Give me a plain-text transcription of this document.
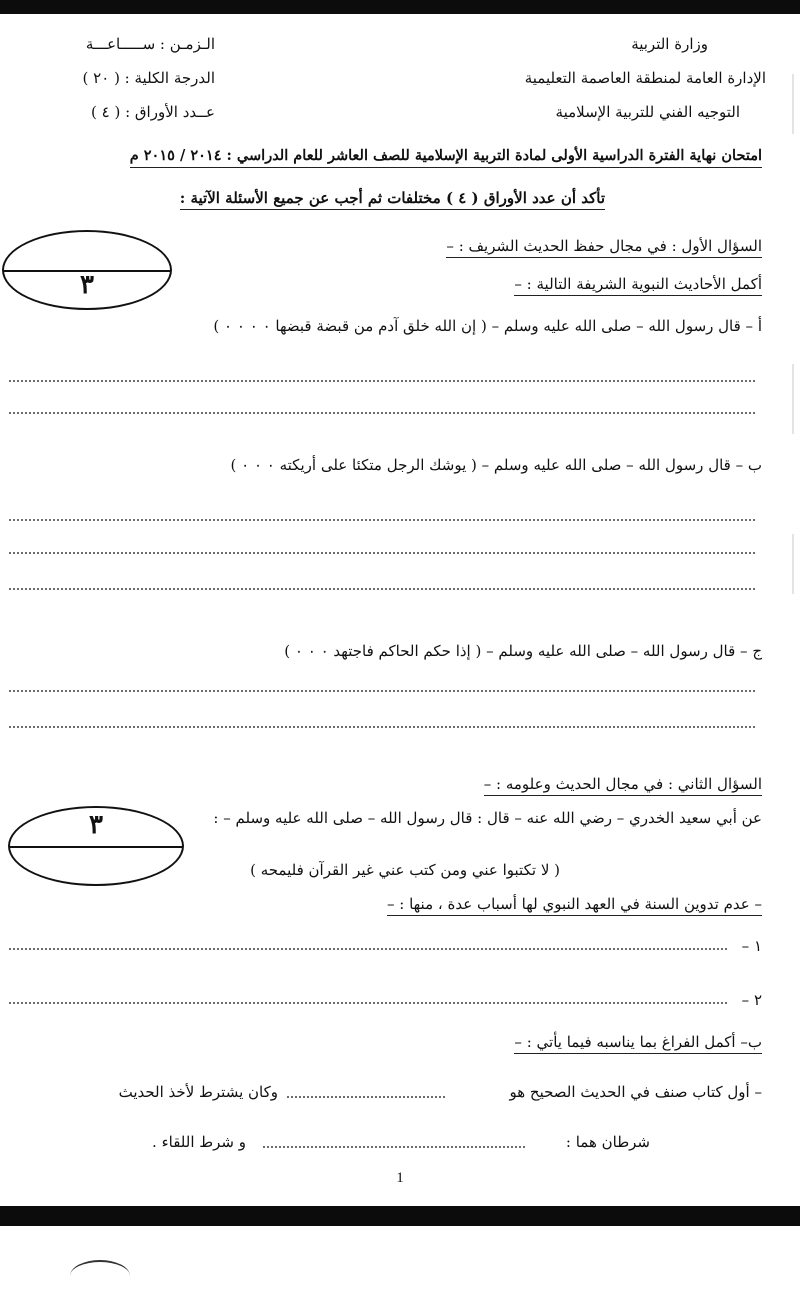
وزارة التربية
الإدارة العامة لمنطقة العاصمة التعليمية
التوجيه الفني للتربية الإسلامية
الـزمـن : ســـــاعـــة
الدرجة الكلية : ( ٢٠ )
عــدد الأوراق : ( ٤ )
امتحان نهاية الفترة الدراسية الأولى لمادة التربية الإسلامية للصف العاشر للعام الدراسي : ٢٠١٤ / ٢٠١٥ م
تأكد أن عدد الأوراق ( ٤ ) مختلفات ثم أجب عن جميع الأسئلة الآتية :
٣
السؤال الأول : في مجال حفظ الحديث الشريف : –
أكمل الأحاديث النبوية الشريفة التالية : –
أ – قال رسول الله – صلى الله عليه وسلم – ( إن الله خلق آدم من قبضة قبضها ٠ ٠ ٠ ٠ )
ب – قال رسول الله – صلى الله عليه وسلم – ( يوشك الرجل متكئا على أريكته ٠ ٠ ٠ )
ج – قال رسول الله – صلى الله عليه وسلم – ( إذا حكم الحاكم فاجتهد ٠ ٠ ٠ )
٣
السؤال الثاني : في مجال الحديث وعلومه : –
عن أبي سعيد الخدري – رضي الله عنه – قال : قال رسول الله – صلى الله عليه وسلم – :
( لا تكتبوا عني ومن كتب عني غير القرآن فليمحه )
– عدم تدوين السنة في العهد النبوي لها أسباب عدة ، منها : –
١ –
٢ –
ب– أكمل الفراغ بما يناسبه فيما يأتي : –
– أول كتاب صنف في الحديث الصحيح هو
وكان يشترط لأخذ الحديث
شرطان هما :
و شرط اللقاء .
1
